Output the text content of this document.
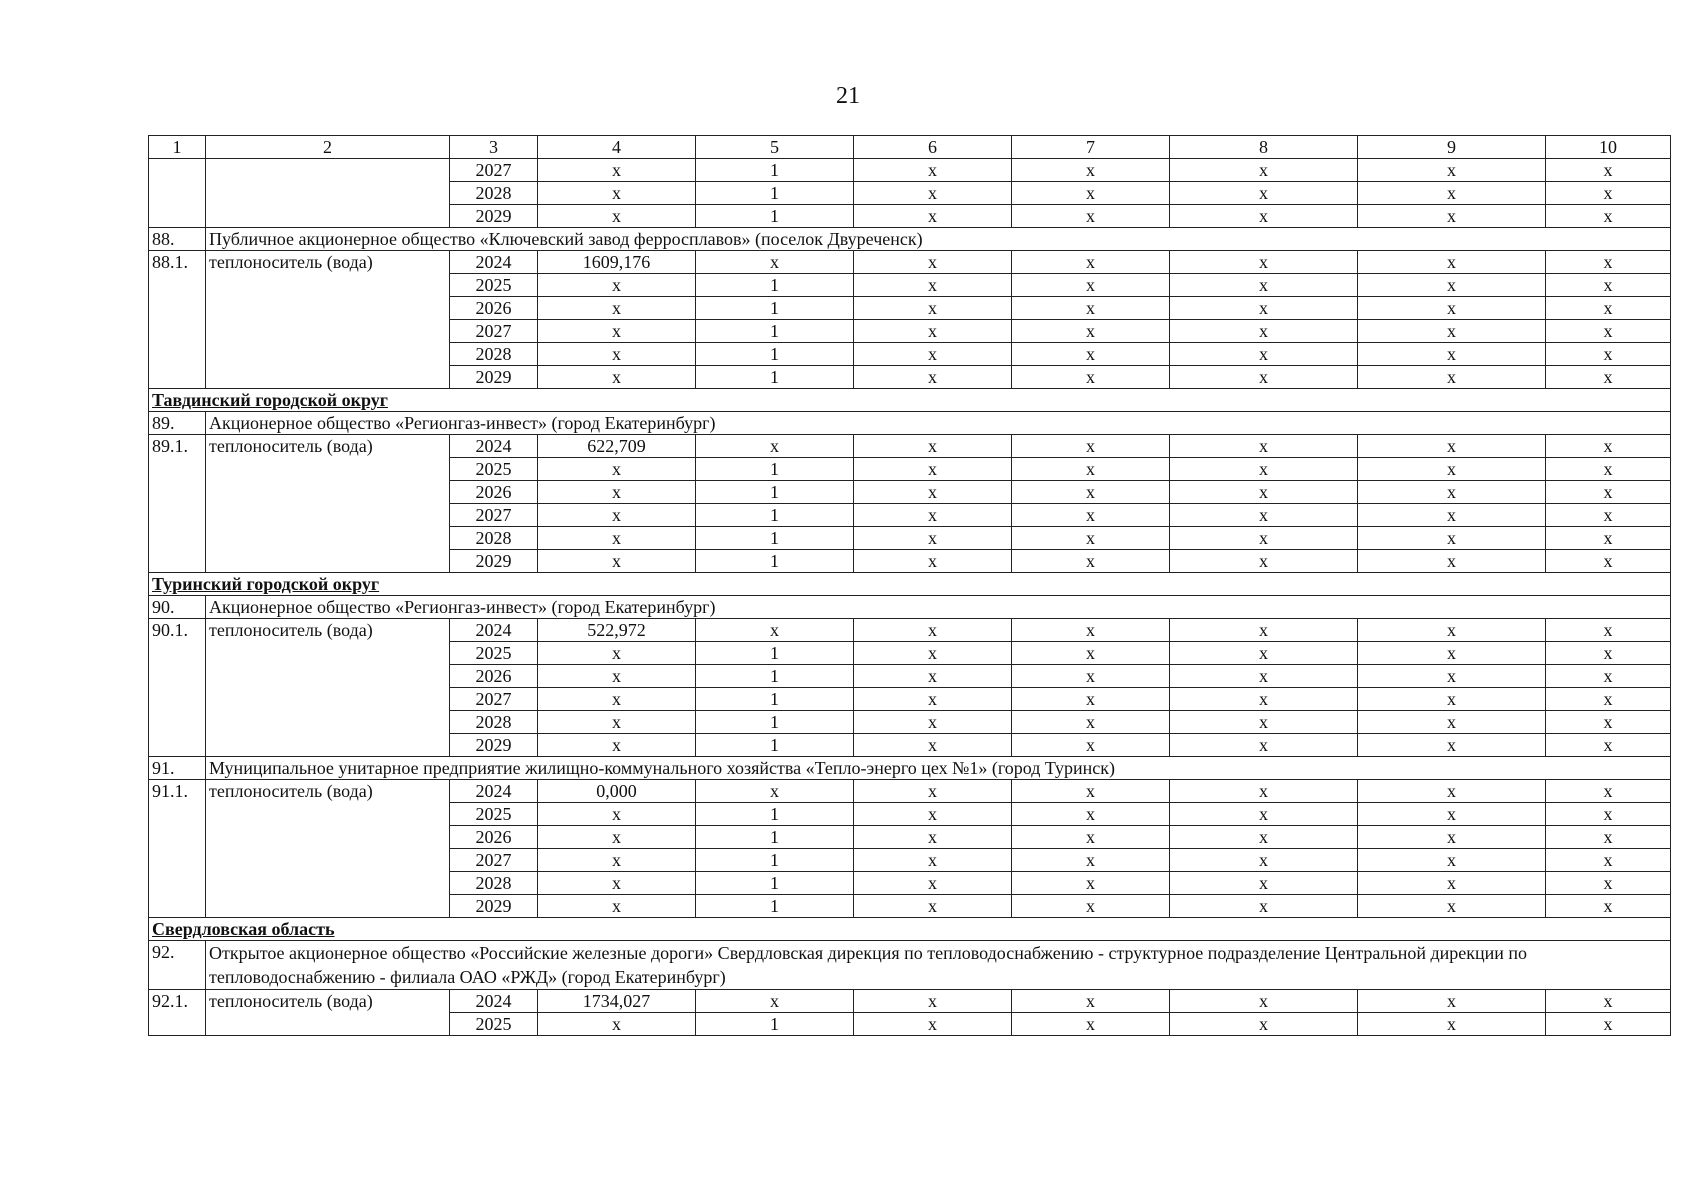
21
1	2	3	4	5	6	7	8	9	10
		2027	x	1	x	x	x	x	x
		2028	x	1	x	x	x	x	x
		2029	x	1	x	x	x	x	x
88.	Публичное акционерное общество «Ключевский завод ферросплавов» (поселок Двуреченск)								
88.1.	теплоноситель (вода)	2024	1609,176	x	x	x	x	x	x
		2025	x	1	x	x	x	x	x
		2026	x	1	x	x	x	x	x
		2027	x	1	x	x	x	x	x
		2028	x	1	x	x	x	x	x
		2029	x	1	x	x	x	x	x
Тавдинский городской округ									
89.	Акционерное общество «Регионгаз-инвест» (город Екатеринбург)								
89.1.	теплоноситель (вода)	2024	622,709	x	x	x	x	x	x
		2025	x	1	x	x	x	x	x
		2026	x	1	x	x	x	x	x
		2027	x	1	x	x	x	x	x
		2028	x	1	x	x	x	x	x
		2029	x	1	x	x	x	x	x
Туринский городской округ									
90.	Акционерное общество «Регионгаз-инвест» (город Екатеринбург)								
90.1.	теплоноситель (вода)	2024	522,972	x	x	x	x	x	x
		2025	x	1	x	x	x	x	x
		2026	x	1	x	x	x	x	x
		2027	x	1	x	x	x	x	x
		2028	x	1	x	x	x	x	x
		2029	x	1	x	x	x	x	x
91.	Муниципальное унитарное предприятие жилищно-коммунального хозяйства «Тепло-энерго цех №1» (город Туринск)								
91.1.	теплоноситель (вода)	2024	0,000	x	x	x	x	x	x
		2025	x	1	x	x	x	x	x
		2026	x	1	x	x	x	x	x
		2027	x	1	x	x	x	x	x
		2028	x	1	x	x	x	x	x
		2029	x	1	x	x	x	x	x
Свердловская область									
92.	Открытое акционерное общество «Российские железные дороги» Свердловская дирекция по тепловодоснабжению - структурное подразделение Центральной дирекции по тепловодоснабжению - филиала ОАО «РЖД» (город Екатеринбург)								
92.1.	теплоноситель (вода)	2024	1734,027	x	x	x	x	x	x
		2025	x	1	x	x	x	x	x
